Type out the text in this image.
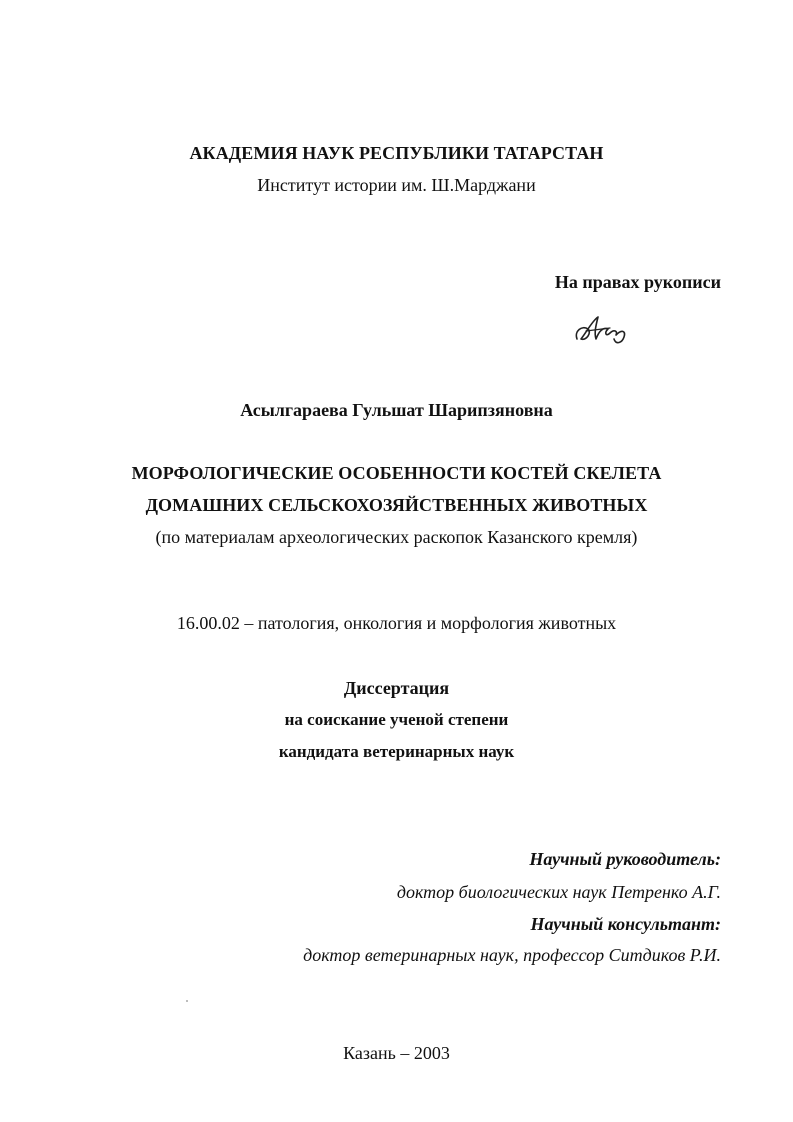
АКАДЕМИЯ НАУК РЕСПУБЛИКИ ТАТАРСТАН
Институт истории им. Ш.Марджани
На правах рукописи
Асылгараева Гульшат Шарипзяновна
МОРФОЛОГИЧЕСКИЕ ОСОБЕННОСТИ КОСТЕЙ СКЕЛЕТА
ДОМАШНИХ СЕЛЬСКОХОЗЯЙСТВЕННЫХ ЖИВОТНЫХ
(по материалам археологических раскопок Казанского кремля)
16.00.02 – патология, онкология и морфология животных
Диссертация
на соискание ученой степени
кандидата ветеринарных наук
Научный руководитель:
доктор биологических наук Петренко А.Г.
Научный консультант:
доктор ветеринарных наук, профессор Ситдиков Р.И.
Казань – 2003
